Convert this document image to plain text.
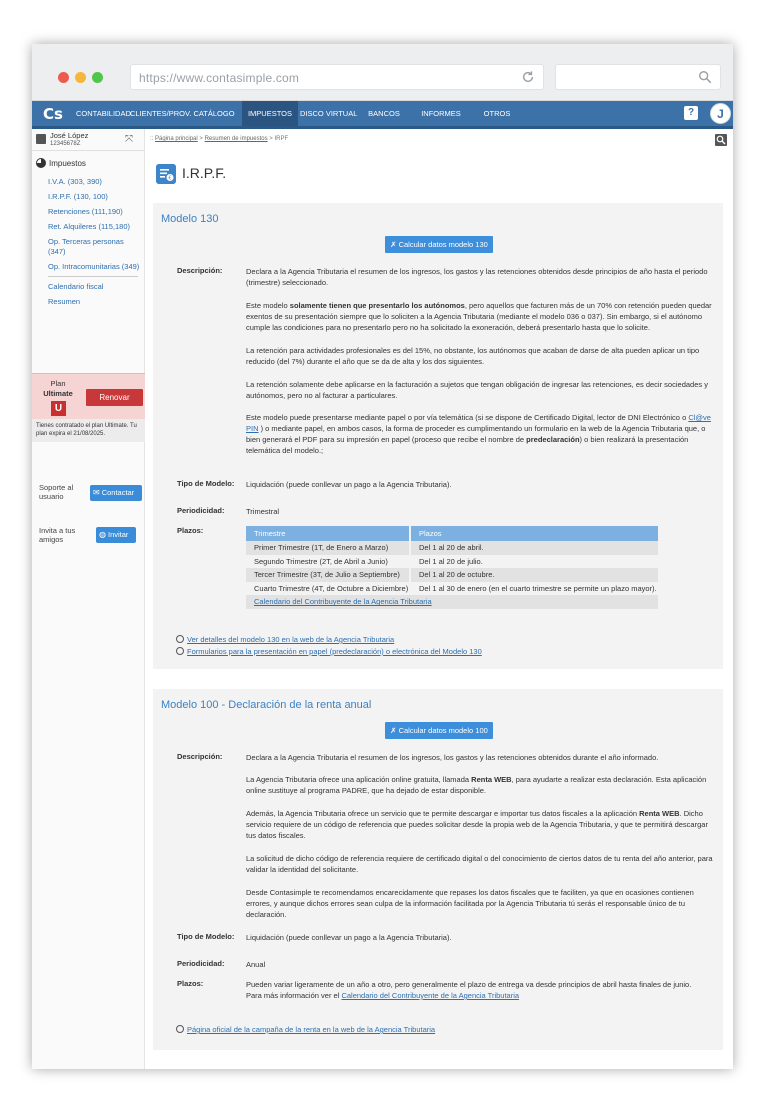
https://www.contasimple.com
Cs CONTABILIDAD CLIENTES/PROV. CATÁLOGO	IMPUESTOS	DISCO VIRTUAL	BANCOS	INFORMES	OTROS	?	J
José López
12345678Z	⤧
Impuestos
I.V.A. (303, 390)
I.R.P.F. (130, 100)
Retenciones (111,190)
Ret. Alquileres (115,180)
Op. Terceras personas (347)
Op. Intracomunitarias (349)
Calendario fiscal
Resumen
Plan
Ultimate
U
Renovar
Tienes contratado el plan Ultimate. Tu plan expira el 21/08/2025.
Soporte al usuario	✉ Contactar
Invita a tus amigos
◍ Invitar
:: Página principal > Resumen de impuestos > IRPF
€ I.R.P.F.
Modelo 130
✗ Calcular datos modelo 130
Descripción:	Declara a la Agencia Tributaria el resumen de los ingresos, los gastos y las retenciones obtenidos desde principios de año hasta el periodo (trimestre) seleccionado.
Este modelo solamente tienen que presentarlo los autónomos, pero aquellos que facturen más de un 70% con retención pueden quedar exentos de su presentación siempre que lo soliciten a la Agencia Tributaria (mediante el modelo 036 o 037). Sin embargo, si el autónomo cumple las condiciones para no presentarlo pero no ha solicitado la exoneración, deberá presentarlo hasta que lo solicite.
La retención para actividades profesionales es del 15%, no obstante, los autónomos que acaban de darse de alta pueden aplicar un tipo reducido (del 7%) durante el año que se da de alta y los dos siguientes.
La retención solamente debe aplicarse en la facturación a sujetos que tengan obligación de ingresar las retenciones, es decir sociedades y autónomos, pero no al facturar a particulares.
Este modelo puede presentarse mediante papel o por vía telemática (si se dispone de Certificado Digital, lector de DNI Electrónico o Cl@ve PIN ) o mediante papel, en ambos casos, la forma de proceder es cumplimentando un formulario en la web de la Agencia Tributaria que, o bien generará el PDF para su impresión en papel (proceso que recibe el nombre de predeclaración) o bien realizará la presentación telemática del modelo.;
Tipo de Modelo: Liquidación (puede conllevar un pago a la Agencia Tributaria).
Periodicidad:	Trimestral
Plazos:	Trimestre	Plazos
Primer Trimestre (1T, de Enero a Marzo)	Del 1 al 20 de abril.
Segundo Trimestre (2T, de Abril a Junio)	Del 1 al 20 de julio.
Tercer Trimestre (3T, de Julio a Septiembre)	Del 1 al 20 de octubre.
Cuarto Trimestre (4T, de Octubre a Diciembre)	Del 1 al 30 de enero (en el cuarto trimestre se permite un plazo mayor).
Calendario del Contribuyente de la Agencia Tributaria	
Ver detalles del modelo 130 en la web de la Agencia Tributaria
Formularios para la presentación en papel (predeclaración) o electrónica del Modelo 130
Modelo 100 - Declaración de la renta anual
✗ Calcular datos modelo 100
Descripción:	Declara a la Agencia Tributaria el resumen de los ingresos, los gastos y las retenciones obtenidos durante el año informado.
La Agencia Tributaria ofrece una aplicación online gratuita, llamada Renta WEB, para ayudarte a realizar esta declaración. Esta aplicación online sustituye al programa PADRE, que ha dejado de estar disponible.
Además, la Agencia Tributaria ofrece un servicio que te permite descargar e importar tus datos fiscales a la aplicación Renta WEB. Dicho servicio requiere de un código de referencia que puedes solicitar desde la propia web de la Agencia Tributaria, y que te permitirá descargar tus datos fiscales.
La solicitud de dicho código de referencia requiere de certificado digital o del conocimiento de ciertos datos de tu renta del año anterior, para validar la identidad del solicitante.
Desde Contasimple te recomendamos encarecidamente que repases los datos fiscales que te faciliten, ya que en ocasiones contienen errores, y aunque dichos errores sean culpa de la información facilitada por la Agencia Tributaria tú serás el responsable único de tu declaración.
Tipo de Modelo: Liquidación (puede conllevar un pago a la Agencia Tributaria).
Periodicidad:	Anual
Plazos:	Pueden variar ligeramente de un año a otro, pero generalmente el plazo de entrega va desde principios de abril hasta finales de junio.
Para más información ver el Calendario del Contribuyente de la Agencia Tributaria
Página oficial de la campaña de la renta en la web de la Agencia Tributaria
